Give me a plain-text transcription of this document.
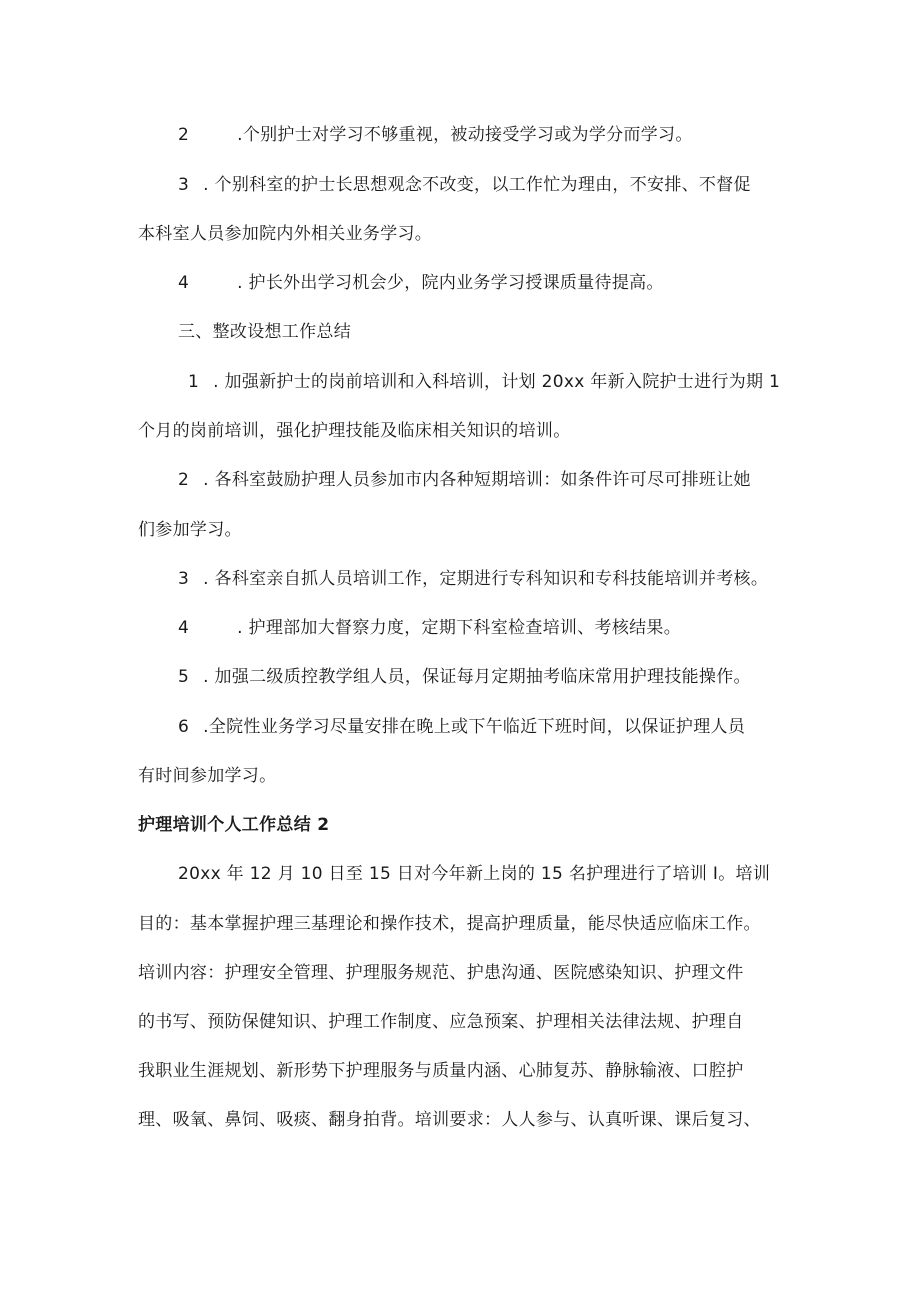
2	.个别护士对学习不够重视，被动接受学习或为学分而学习。
3 . 个别科室的护士长思想观念不改变，以工作忙为理由，不安排、不督促
本科室人员参加院内外相关业务学习。
4	. 护长外出学习机会少，院内业务学习授课质量待提高。
三、整改设想工作总结
1 . 加强新护士的岗前培训和入科培训，计划 20xx 年新入院护士进行为期 1
个月的岗前培训，强化护理技能及临床相关知识的培训。
2 . 各科室鼓励护理人员参加市内各种短期培训：如条件许可尽可排班让她
们参加学习。
3 . 各科室亲自抓人员培训工作，定期进行专科知识和专科技能培训并考核。
4	. 护理部加大督察力度，定期下科室检查培训、考核结果。
5 . 加强二级质控教学组人员，保证每月定期抽考临床常用护理技能操作。
6 .全院性业务学习尽量安排在晚上或下午临近下班时间，以保证护理人员
有时间参加学习。
护理培训个人工作总结 2
20xx 年 12 月 10 日至 15 日对今年新上岗的 15 名护理进行了培训 I。培训
目的：基本掌握护理三基理论和操作技术，提高护理质量，能尽快适应临床工作。
培训内容：护理安全管理、护理服务规范、护患沟通、医院感染知识、护理文件
的书写、预防保健知识、护理工作制度、应急预案、护理相关法律法规、护理自
我职业生涯规划、新形势下护理服务与质量内涵、心肺复苏、静脉输液、口腔护
理、吸氧、鼻饲、吸痰、翻身拍背。培训要求：人人参与、认真听课、课后复习、
